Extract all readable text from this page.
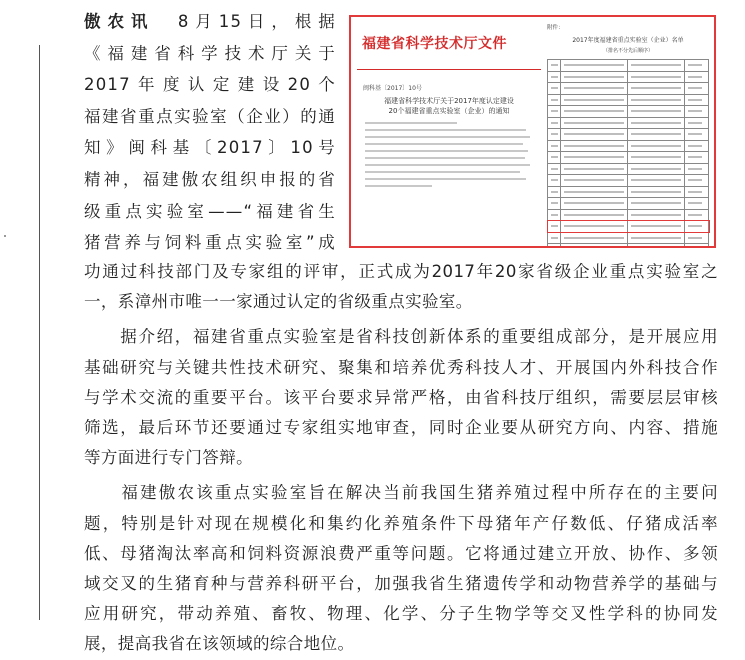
傲农讯　8月15日，根据
《福建省科学技术厅关于
2017年度认定建设20个
福建省重点实验室（企业）的通
知》闽科基〔2017〕10号
精神，福建傲农组织申报的省
级重点实验室——“福建省生
猪营养与饲料重点实验室”成
福建省科学技术厅文件
闽科基〔2017〕10号
福建省科学技术厅关于2017年度认定建设
20个福建省重点实验室（企业）的通知
附件：
2017年度福建省重点实验室（企业）名单
（排名不分先后顺序）

功通过科技部门及专家组的评审，正式成为2017年20家省级企业重点实验室之
一，系漳州市唯一一家通过认定的省级重点实验室。
　　据介绍，福建省重点实验室是省科技创新体系的重要组成部分，是开展应用
基础研究与关键共性技术研究、聚集和培养优秀科技人才、开展国内外科技合作
与学术交流的重要平台。该平台要求异常严格，由省科技厅组织，需要层层审核
筛选，最后环节还要通过专家组实地审查，同时企业要从研究方向、内容、措施
等方面进行专门答辩。
　　福建傲农该重点实验室旨在解决当前我国生猪养殖过程中所存在的主要问
题，特别是针对现在规模化和集约化养殖条件下母猪年产仔数低、仔猪成活率
低、母猪淘汰率高和饲料资源浪费严重等问题。它将通过建立开放、协作、多领
域交叉的生猪育种与营养科研平台，加强我省生猪遗传学和动物营养学的基础与
应用研究，带动养殖、畜牧、物理、化学、分子生物学等交叉性学科的协同发
展，提高我省在该领域的综合地位。
